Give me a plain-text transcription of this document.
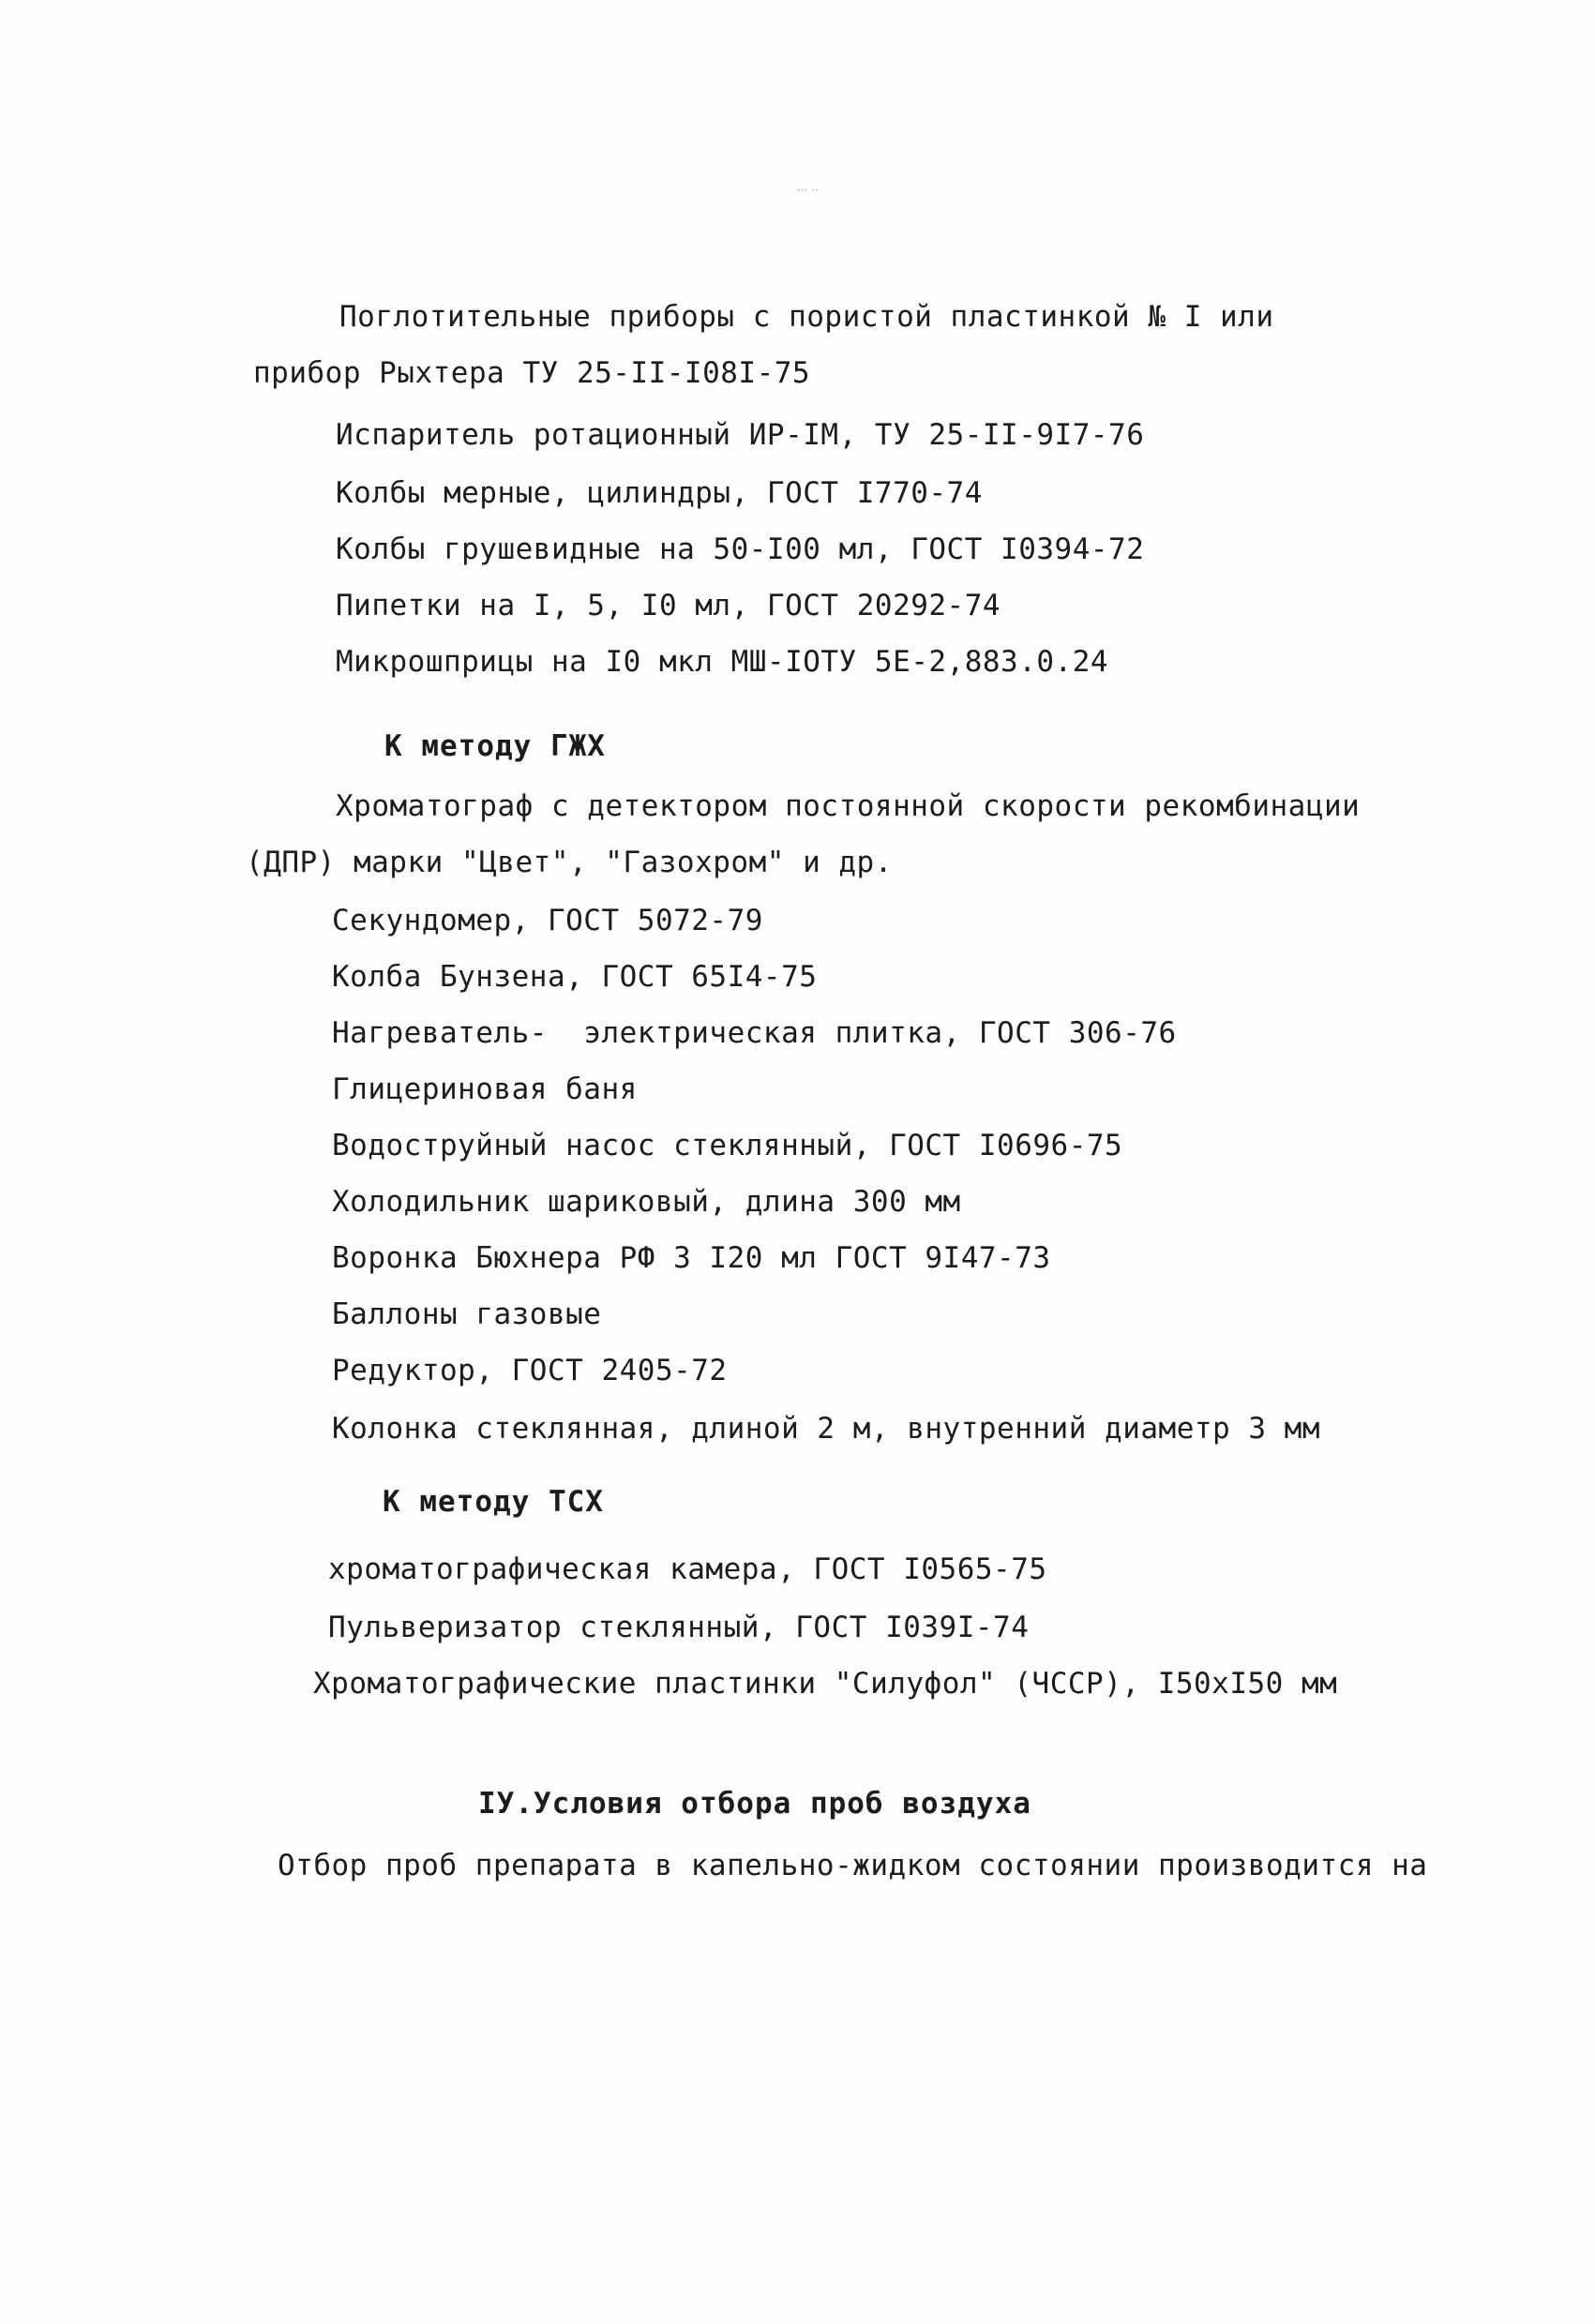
··· ··
Поглотительные приборы с пористой пластинкой № I или
прибор Рыхтера ТУ 25-II-I08I-75
Испаритель ротационный ИР-IМ, ТУ 25-II-9I7-76
Колбы мерные, цилиндры, ГОСТ I770-74
Колбы грушевидные на 50-I00 мл, ГОСТ I0394-72
Пипетки на I, 5, I0 мл, ГОСТ 20292-74
Микрошприцы на I0 мкл МШ-IОТУ 5Е-2,883.0.24
К методу ГЖХ
Хроматограф с детектором постоянной скорости рекомбинации
(ДПР) марки "Цвет", "Газохром" и др.
Секундомер, ГОСТ 5072-79
Колба Бунзена, ГОСТ 65I4-75
Нагреватель-  электрическая плитка, ГОСТ 306-76
Глицериновая баня
Водоструйный насос стеклянный, ГОСТ I0696-75
Холодильник шариковый, длина 300 мм
Воронка Бюхнера РФ 3 I20 мл ГОСТ 9I47-73
Баллоны газовые
Редуктор, ГОСТ 2405-72
Колонка стеклянная, длиной 2 м, внутренний диаметр 3 мм
К методу ТСХ
хроматографическая камера, ГОСТ I0565-75
Пульверизатор стеклянный, ГОСТ I039I-74
Хроматографические пластинки "Силуфол" (ЧССР), I50хI50 мм
IУ.Условия отбора проб воздуха
Отбор проб препарата в капельно-жидком состоянии производится на
